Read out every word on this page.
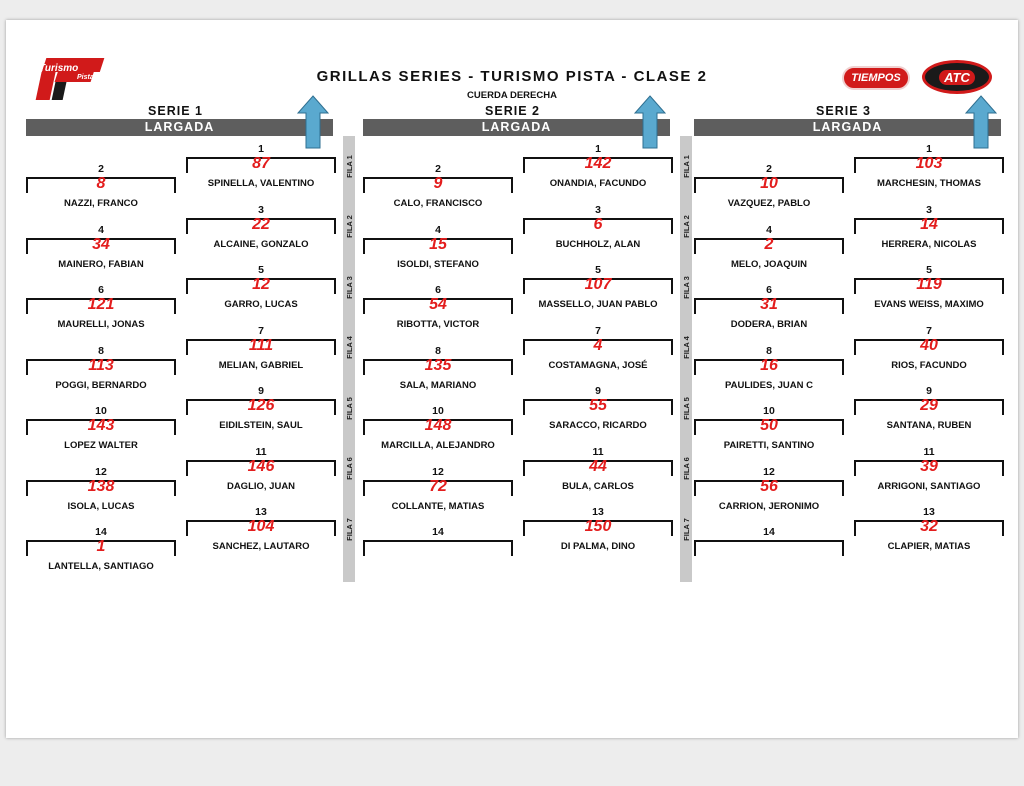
Turismo
Pista	TIEMPOS	ATC
GRILLAS SERIES - TURISMO PISTA - CLASE 2
CUERDA DERECHA
SERIE 1
LARGADA
FILA 1
FILA 2
FILA 3
FILA 4
FILA 5
FILA 6
FILA 7
1
87
SPINELLA, VALENTINO
2
8
NAZZI, FRANCO	3
22
ALCAINE, GONZALO
4
34
MAINERO, FABIAN	5
12
GARRO, LUCAS
6
121
MAURELLI, JONAS	7
111
MELIAN, GABRIEL
8
113
POGGI, BERNARDO	9
126
EIDILSTEIN, SAUL
10
143
LOPEZ WALTER	11
146
DAGLIO, JUAN
12
138
ISOLA, LUCAS	13
104
SANCHEZ, LAUTARO
14
1
LANTELLA, SANTIAGO
SERIE 2
LARGADA
FILA 1
FILA 2
FILA 3
FILA 4
FILA 5
FILA 6
FILA 7
1
142
ONANDIA, FACUNDO
2
9
CALO, FRANCISCO	3
6
BUCHHOLZ, ALAN
4
15
ISOLDI, STEFANO	5
107
MASSELLO, JUAN PABLO
6
54
RIBOTTA, VICTOR	7
4
COSTAMAGNA, JOSÉ
8
135
SALA, MARIANO	9
55
SARACCO, RICARDO
10
148
MARCILLA, ALEJANDRO	11
44
BULA, CARLOS
12
72
COLLANTE, MATIAS	13
150
DI PALMA, DINO
14
SERIE 3
LARGADA
1
103
MARCHESIN, THOMAS
2
10
VAZQUEZ, PABLO	3
14
HERRERA, NICOLAS
4
2
MELO, JOAQUIN	5
119
EVANS WEISS, MAXIMO
6
31
DODERA, BRIAN	7
40
RIOS, FACUNDO
8
16
PAULIDES, JUAN C	9
29
SANTANA, RUBEN
10
50
PAIRETTI, SANTINO	11
39
ARRIGONI, SANTIAGO
12
56
CARRION, JERONIMO	13
32
CLAPIER, MATIAS
14
